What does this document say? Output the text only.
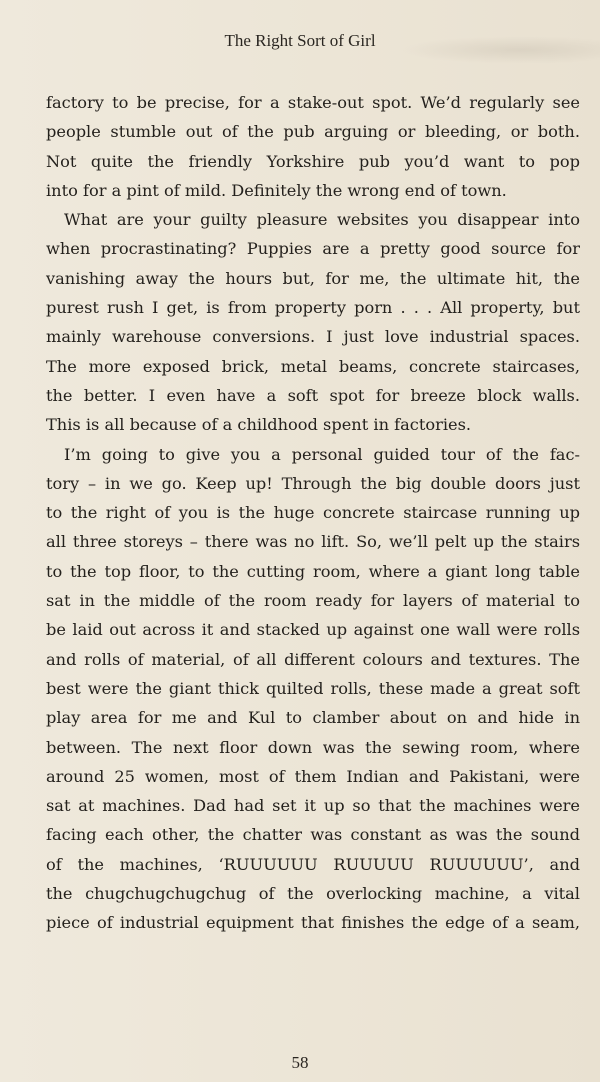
The Right Sort of Girl
factory to be precise, for a stake-out spot. We’d regularly see
people stumble out of the pub arguing or bleeding, or both.
Not quite the friendly Yorkshire pub you’d want to pop
into for a pint of mild. Definitely the wrong end of town.
What are your guilty pleasure websites you disappear into
when procrastinating? Puppies are a pretty good source for
vanishing away the hours but, for me, the ultimate hit, the
purest rush I get, is from property porn . . . All property, but
mainly warehouse conversions. I just love industrial spaces.
The more exposed brick, metal beams, concrete staircases,
the better. I even have a soft spot for breeze block walls.
This is all because of a childhood spent in factories.
I’m going to give you a personal guided tour of the fac-
tory – in we go. Keep up! Through the big double doors just
to the right of you is the huge concrete staircase running up
all three storeys – there was no lift. So, we’ll pelt up the stairs
to the top floor, to the cutting room, where a giant long table
sat in the middle of the room ready for layers of material to
be laid out across it and stacked up against one wall were rolls
and rolls of material, of all different colours and textures. The
best were the giant thick quilted rolls, these made a great soft
play area for me and Kul to clamber about on and hide in
between. The next floor down was the sewing room, where
around 25 women, most of them Indian and Pakistani, were
sat at machines. Dad had set it up so that the machines were
facing each other, the chatter was constant as was the sound
of the machines, ‘RUUUUUU RUUUUU RUUUUUU’, and
the chugchugchugchug of the overlocking machine, a vital
piece of industrial equipment that finishes the edge of a seam,
58
